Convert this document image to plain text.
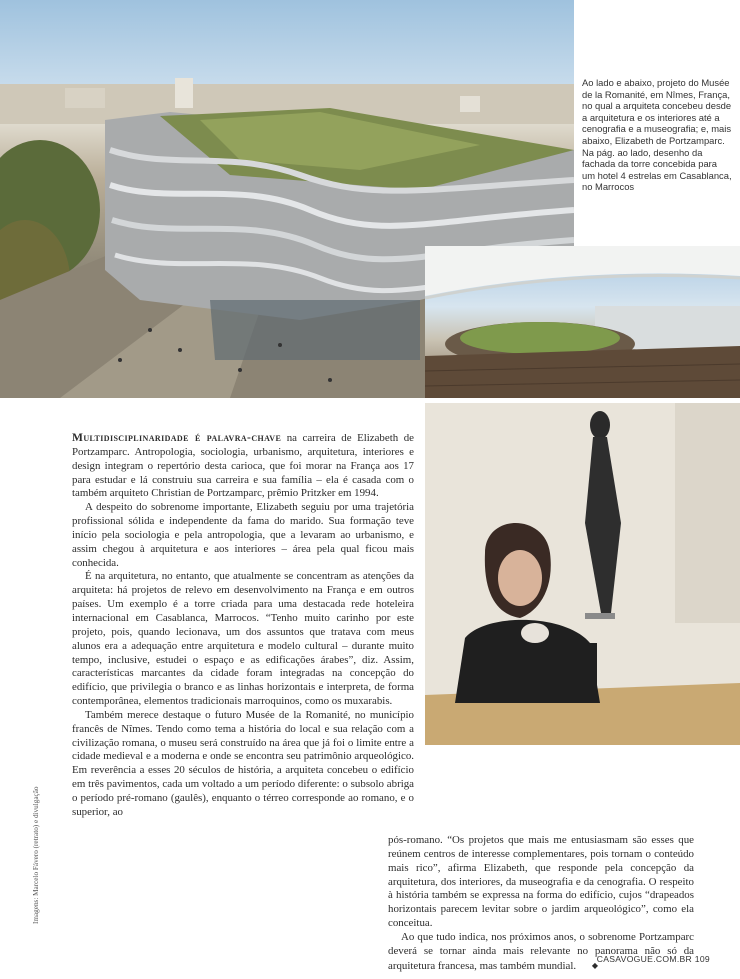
Ao lado e abaixo, projeto do Musée de la Romanité, em Nîmes, França, no qual a arquiteta concebeu desde a arquitetura e os interiores até a cenografia e a museografia; e, mais abaixo, Elizabeth de Portzamparc. Na pág. ao lado, desenho da fachada da torre concebida para um hotel 4 estrelas em Casablanca, no Marrocos

Imagens: Marcelo Fávero (retrato) e divulgação

Multidisciplinaridade é palavra-chave na carreira de Elizabeth de Portzamparc. Antropologia, sociologia, urbanismo, arquitetura, interiores e design integram o repertório desta carioca, que foi morar na França aos 17 para estudar e lá construiu sua carreira e sua família – ela é casada com o também arquiteto Christian de Portzamparc, prêmio Pritzker em 1994.

A despeito do sobrenome importante, Elizabeth seguiu por uma trajetória profissional sólida e independente da fama do marido. Sua formação teve início pela sociologia e pela antropologia, que a levaram ao urbanismo, e assim chegou à arquitetura e aos interiores – área pela qual ficou mais conhecida.

É na arquitetura, no entanto, que atualmente se concentram as atenções da arquiteta: há projetos de relevo em desenvolvimento na França e em outros países. Um exemplo é a torre criada para uma destacada rede hoteleira internacional em Casablanca, Marrocos. “Tenho muito carinho por este projeto, pois, quando lecionava, um dos assuntos que tratava com meus alunos era a adequação entre arquitetura e modelo cultural – durante muito tempo, inclusive, estudei o espaço e as edificações árabes”, diz. Assim, características marcantes da cidade foram integradas na concepção do edifício, que privilegia o branco e as linhas horizontais e interpreta, de forma contemporânea, elementos tradicionais marroquinos, como os muxarabis.

Também merece destaque o futuro Musée de la Romanité, no município francês de Nîmes. Tendo como tema a história do local e sua relação com a civilização romana, o museu será construído na área que já foi o limite entre a cidade medieval e a moderna e onde se encontra seu patrimônio arqueológico. Em reverência a esses 20 séculos de história, a arquiteta concebeu o edifício em três pavimentos, cada um voltado a um período diferente: o subsolo abriga o período pré-romano (gaulês), enquanto o térreo corresponde ao romano, e o superior, ao

pós-romano. “Os projetos que mais me entusiasmam são esses que reúnem centros de interesse complementares, pois tornam o conteúdo mais rico”, afirma Elizabeth, que responde pela concepção da arquitetura, dos interiores, da museografia e da cenografia. O respeito à história também se expressa na forma do edifício, cujos “drapeados horizontais parecem levitar sobre o jardim arqueológico”, como ela conceitua.

Ao que tudo indica, nos próximos anos, o sobrenome Portzamparc deverá se tornar ainda mais relevante no panorama não só da arquitetura francesa, mas também mundial. ◆

CASAVOGUE.COM.BR 109
